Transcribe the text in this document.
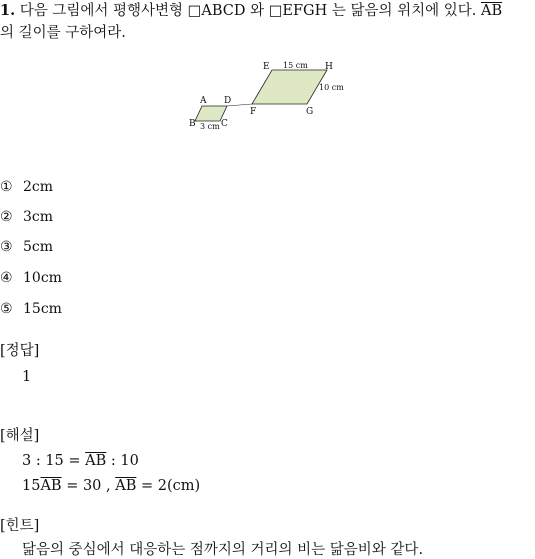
1. 다음 그림에서 평행사변형 □ABCD 와 □EFGH 는 닮음의 위치에 있다. $\overline{AB}$
의 길이를 구하여라.
A D
B	C
E	H
F	G
15 cm
10 cm
3 cm
① 2cm
② 3cm
③ 5cm
④ 10cm
⑤ 15cm
[정답]
1
[해설]
3 : $15 = \overline{AB}$ : 10
$15\overline{AB} = 30$ , $\overline{AB} = 2(cm)$
[힌트]
닮음의 중심에서 대응하는 점까지의 거리의 비는 닮음비와 같다.
